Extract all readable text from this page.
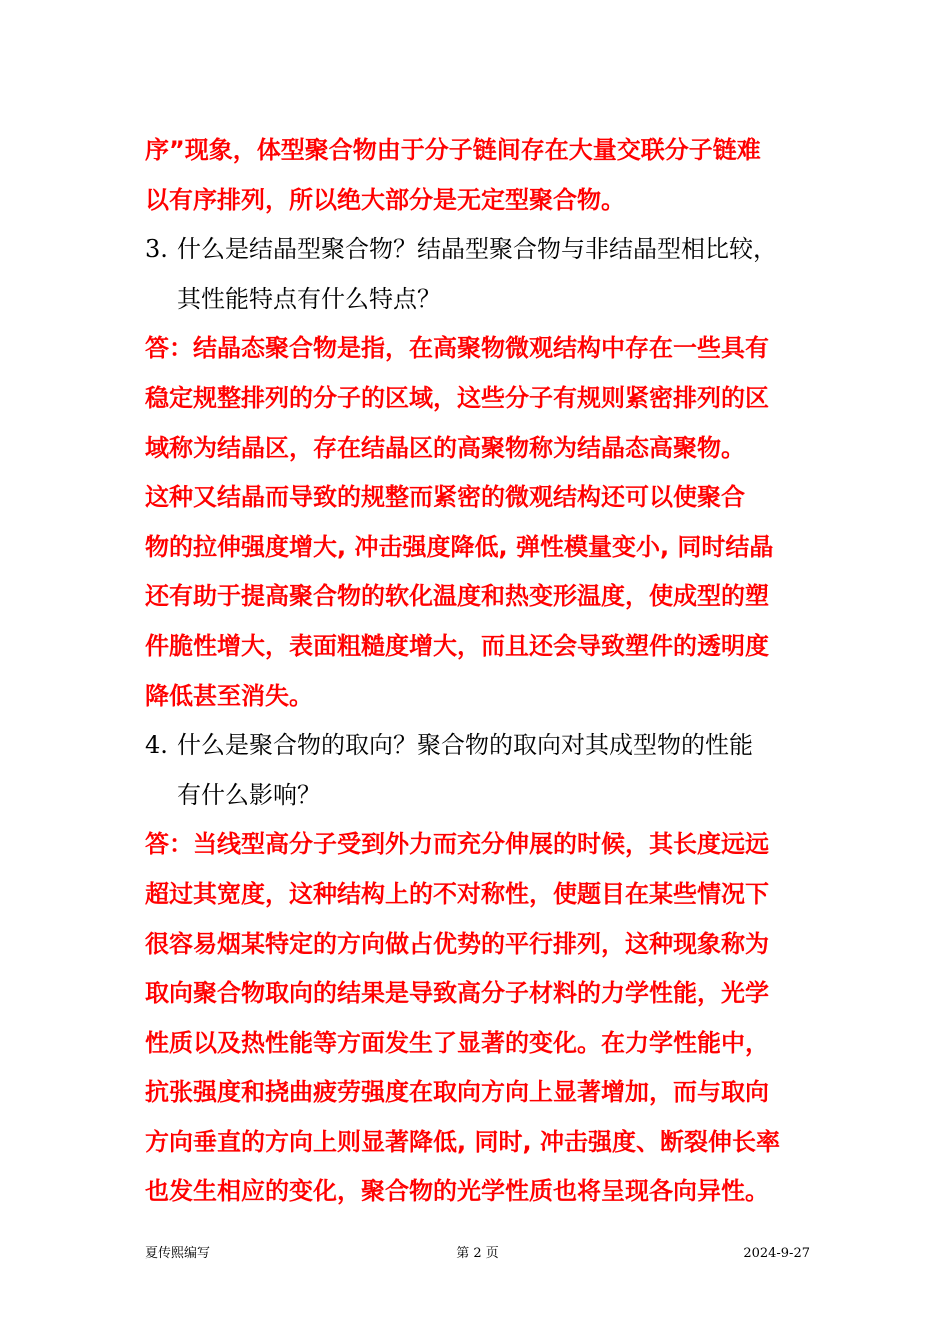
序”现象，体型聚合物由于分子链间存在大量交联分子链难
以有序排列，所以绝大部分是无定型聚合物。
3. 什么是结晶型聚合物？结晶型聚合物与非结晶型相比较，
其性能特点有什么特点？
答：结晶态聚合物是指，在高聚物微观结构中存在一些具有
稳定规整排列的分子的区域，这些分子有规则紧密排列的区
域称为结晶区，存在结晶区的高聚物称为结晶态高聚物。
这种又结晶而导致的规整而紧密的微观结构还可以使聚合
物的拉伸强度增大, 冲击强度降低, 弹性模量变小, 同时结晶
还有助于提高聚合物的软化温度和热变形温度，使成型的塑
件脆性增大，表面粗糙度增大，而且还会导致塑件的透明度
降低甚至消失。
4. 什么是聚合物的取向？聚合物的取向对其成型物的性能
有什么影响？
答：当线型高分子受到外力而充分伸展的时候，其长度远远
超过其宽度，这种结构上的不对称性，使题目在某些情况下
很容易烟某特定的方向做占优势的平行排列，这种现象称为
取向聚合物取向的结果是导致高分子材料的力学性能，光学
性质以及热性能等方面发生了显著的变化。在力学性能中，
抗张强度和挠曲疲劳强度在取向方向上显著增加，而与取向
方向垂直的方向上则显著降低, 同时, 冲击强度、断裂伸长率
也发生相应的变化，聚合物的光学性质也将呈现各向异性。
夏传熙编写	第 2 页	2024-9-27
